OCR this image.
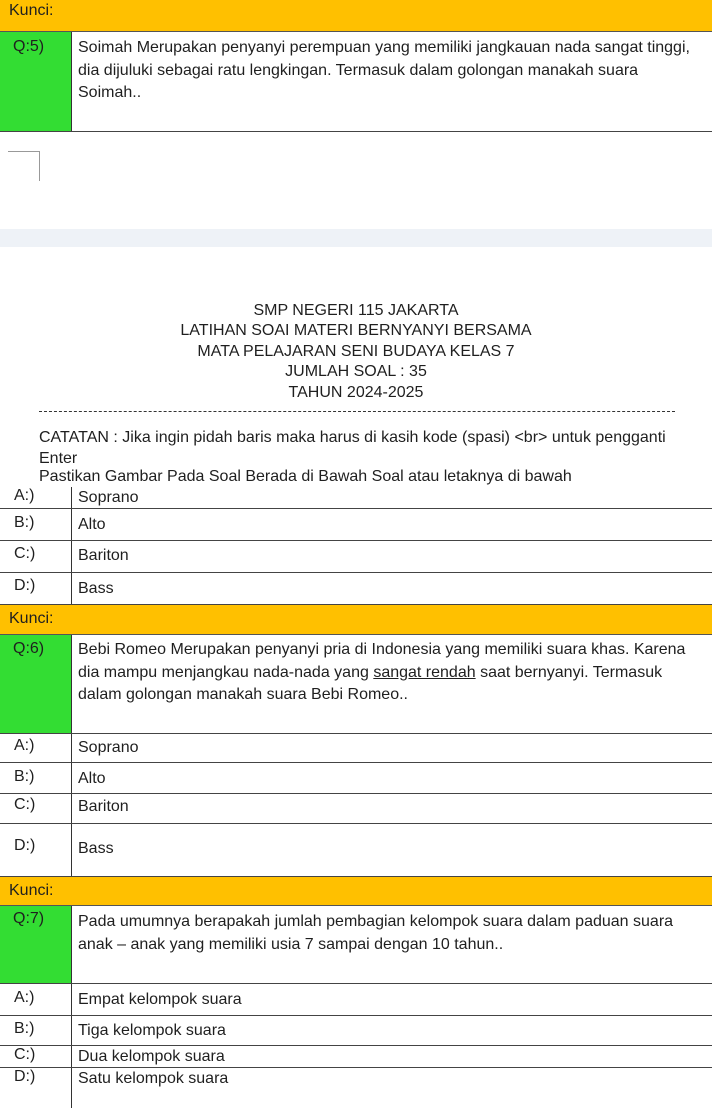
Kunci:
Q:5)	Soimah Merupakan penyanyi perempuan yang memiliki jangkauan nada sangat tinggi, dia dijuluki sebagai ratu lengkingan. Termasuk dalam golongan manakah suara Soimah..
SMP NEGERI 115 JAKARTA
LATIHAN SOAI MATERI BERNYANYI BERSAMA
MATA PELAJARAN SENI BUDAYA KELAS 7
JUMLAH SOAL : 35
TAHUN 2024-2025
CATATAN : Jika ingin pidah baris maka harus di kasih kode (spasi) <br> untuk pengganti Enter
Pastikan Gambar Pada Soal Berada di Bawah Soal atau letaknya di bawah
A:)	Soprano
B:)	Alto
C:)	Bariton
D:)	Bass
Kunci:
Q:6)	Bebi Romeo Merupakan penyanyi pria di Indonesia yang memiliki suara khas. Karena dia mampu menjangkau nada-nada yang sangat rendah saat bernyanyi. Termasuk dalam golongan manakah suara Bebi Romeo..
A:)	Soprano
B:)	Alto
C:)	Bariton
D:)	Bass
Kunci:
Q:7)	Pada umumnya berapakah jumlah pembagian kelompok suara dalam paduan suara anak – anak yang memiliki usia 7 sampai dengan 10 tahun..
A:)	Empat kelompok suara
B:)	Tiga kelompok suara
C:)	Dua kelompok suara
D:)	Satu kelompok suara
